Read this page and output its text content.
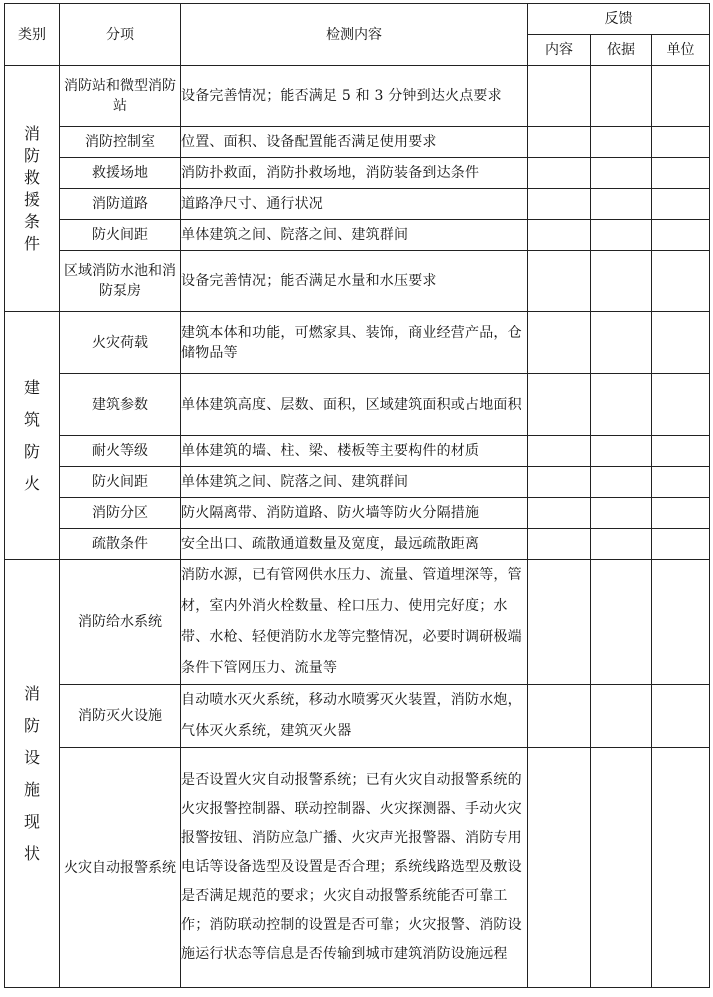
类别	分项	检测内容	反馈		
			内容	依据	单位
消防救援条件	消防站和微型消防站	设备完善情况；能否满足 5 和 3 分钟到达火点要求			
	消防控制室	位置、面积、设备配置能否满足使用要求			
	救援场地	消防扑救面，消防扑救场地，消防装备到达条件			
	消防道路	道路净尺寸、通行状况			
	防火间距	单体建筑之间、院落之间、建筑群间			
	区域消防水池和消防泵房	设备完善情况；能否满足水量和水压要求			
建筑防火	火灾荷载	建筑本体和功能，可燃家具、装饰，商业经营产品，仓储物品等			
	建筑参数	单体建筑高度、层数、面积，区域建筑面积或占地面积			
	耐火等级	单体建筑的墙、柱、梁、楼板等主要构件的材质			
	防火间距	单体建筑之间、院落之间、建筑群间			
	消防分区	防火隔离带、消防道路、防火墙等防火分隔措施			
	疏散条件	安全出口、疏散通道数量及宽度，最远疏散距离			
消防设施现状	消防给水系统	消防水源，已有管网供水压力、流量、管道埋深等，管材，室内外消火栓数量、栓口压力、使用完好度；水带、水枪、轻便消防水龙等完整情况，必要时调研极端条件下管网压力、流量等			
	消防灭火设施	自动喷水灭火系统，移动水喷雾灭火装置，消防水炮，气体灭火系统，建筑灭火器			
	火灾自动报警系统	是否设置火灾自动报警系统；已有火灾自动报警系统的火灾报警控制器、联动控制器、火灾探测器、手动火灾报警按钮、消防应急广播、火灾声光报警器、消防专用电话等设备选型及设置是否合理；系统线路选型及敷设是否满足规范的要求；火灾自动报警系统能否可靠工作；消防联动控制的设置是否可靠；火灾报警、消防设施运行状态等信息是否传输到城市建筑消防设施远程			
